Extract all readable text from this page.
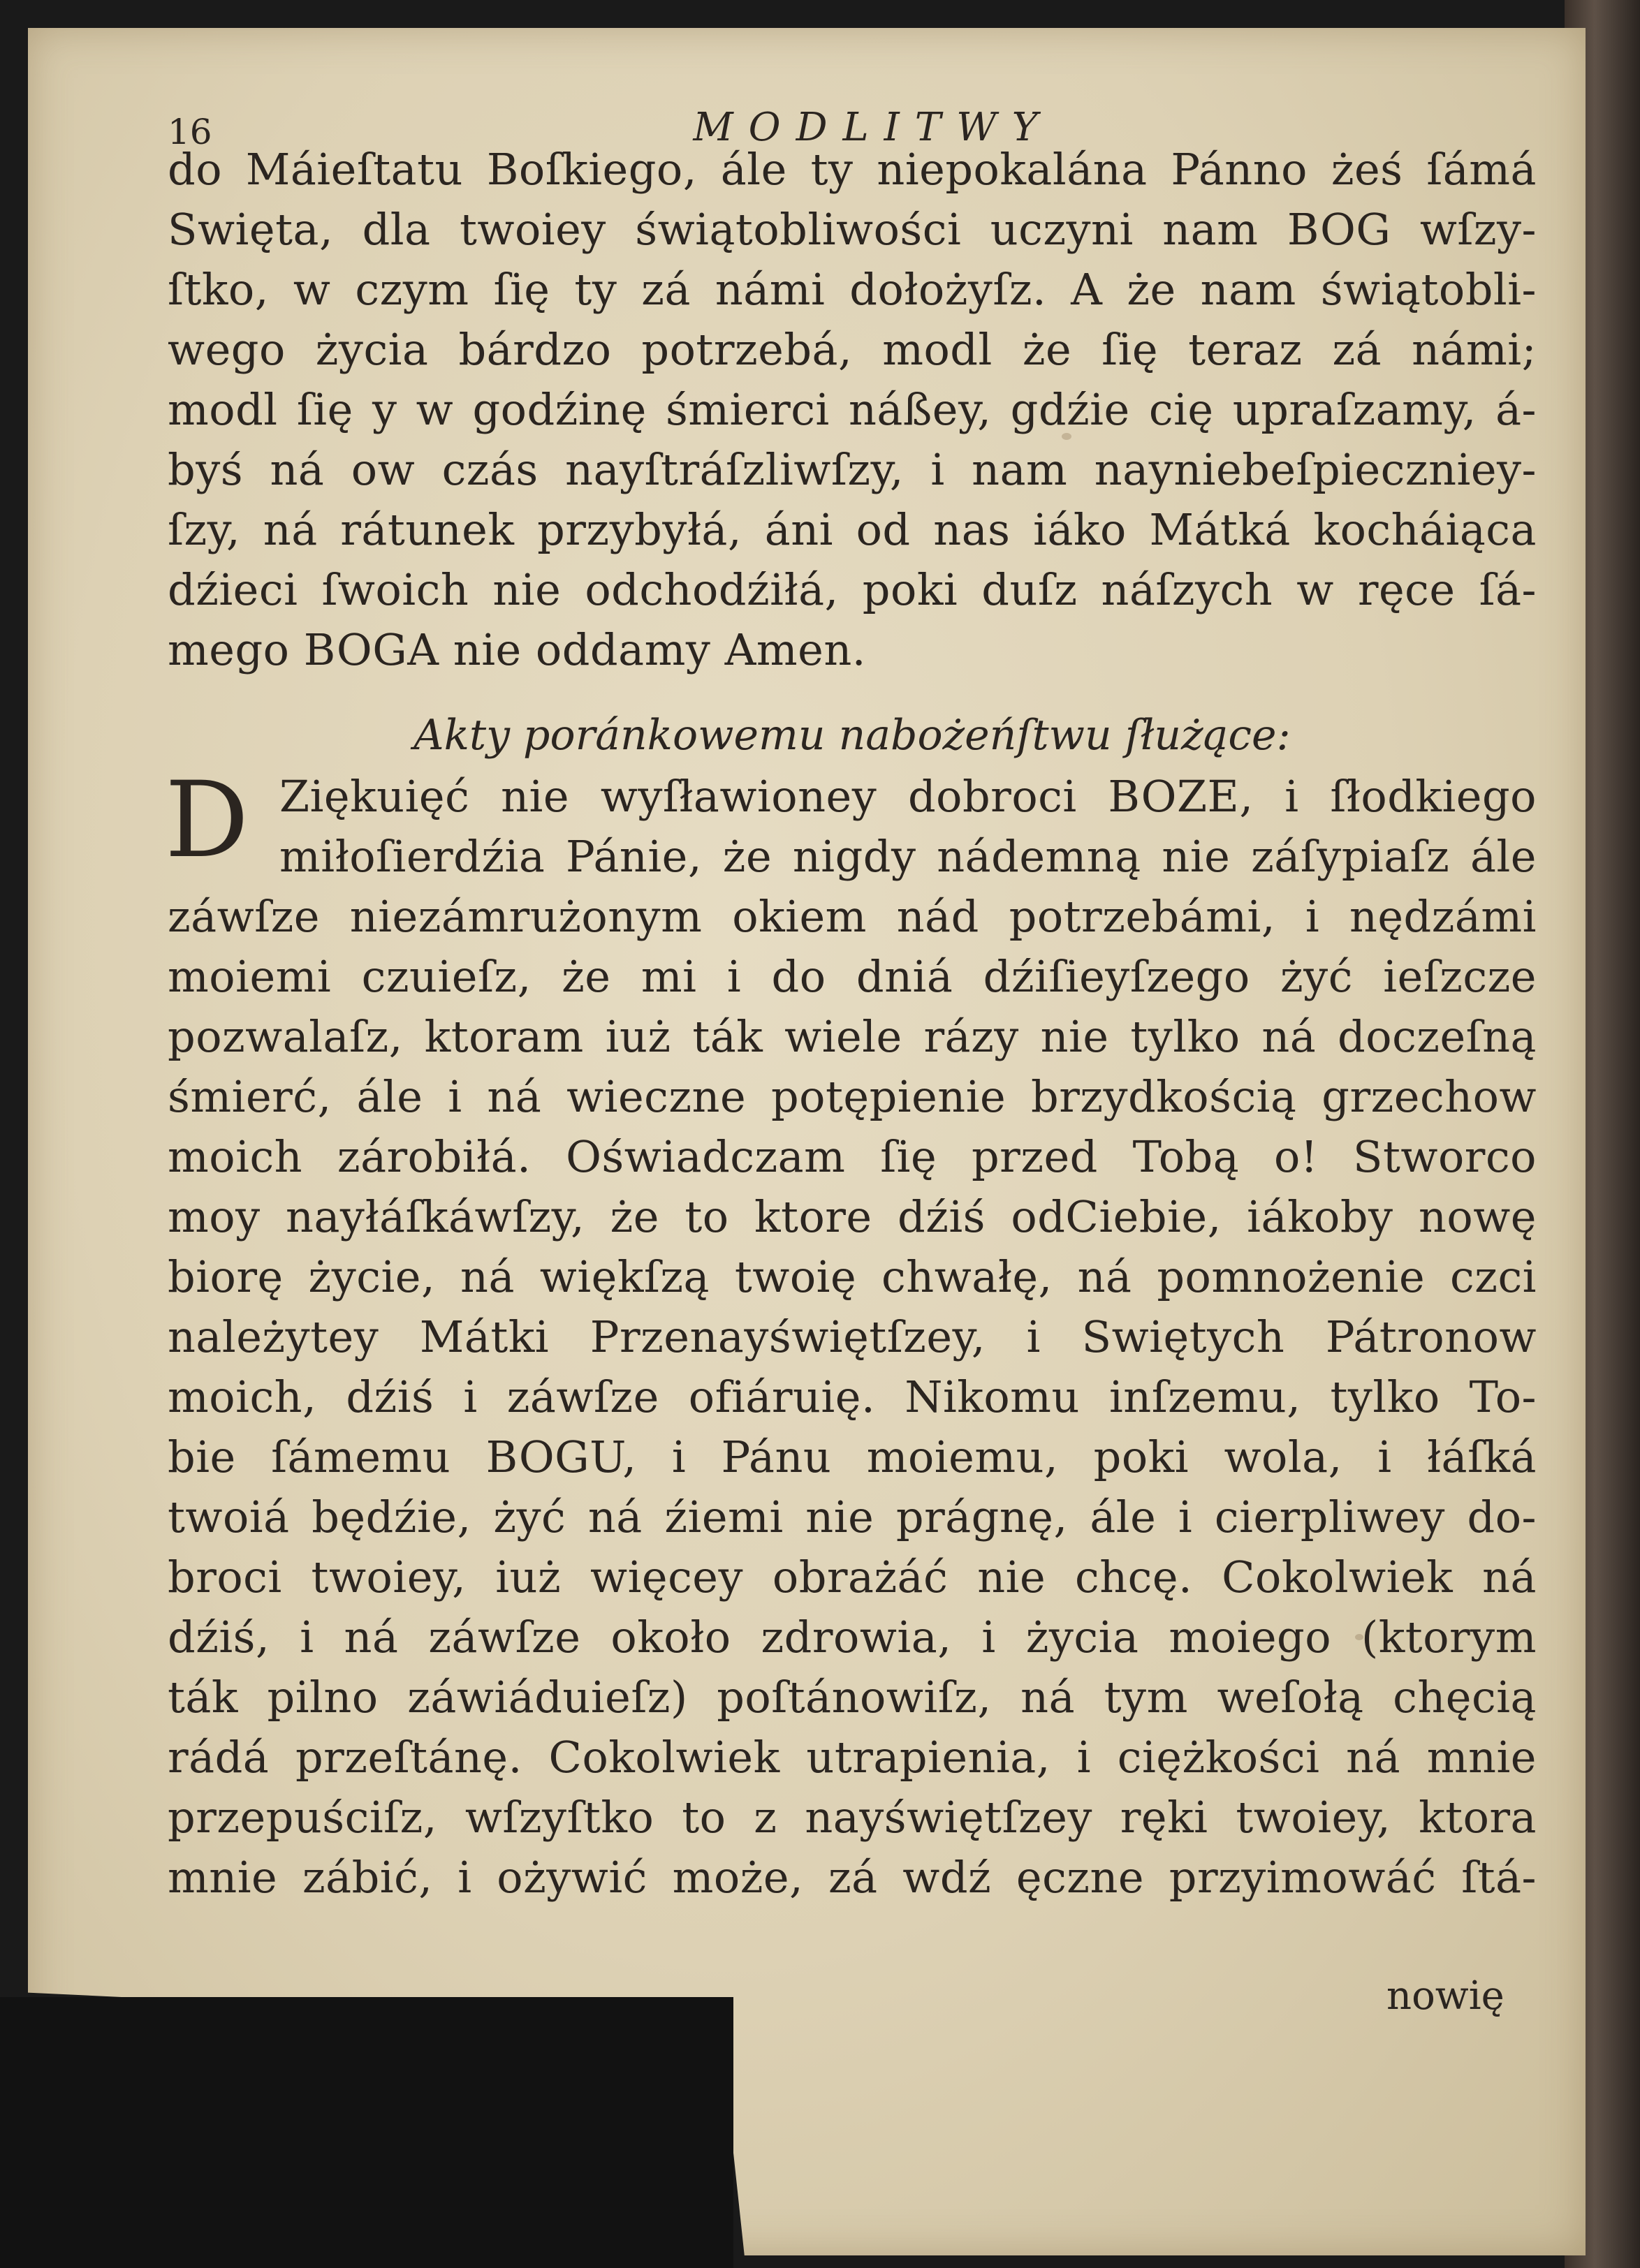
16	MODLITWY
do Máieſtatu Boſkiego, ále ty niepokalána Pánno żeś ſámá
Swięta, dla twoiey świątobliwości uczyni nam BOG wſzy-
ſtko, w czym ſię ty zá námi dołożyſz. A że nam świątobli-
wego życia bárdzo potrzebá, modl że ſię teraz zá námi;
modl ſię y w godźinę śmierci náßey, gdźie cię upraſzamy, á-
byś ná ow czás nayſtráſzliwſzy, i nam nayniebeſpieczniey-
ſzy, ná rátunek przybyłá, áni od nas iáko Mátká kocháiąca
dźieci ſwoich nie odchodźiłá, poki duſz náſzych w ręce ſá-
mego BOGA nie oddamy Amen.
Akty poránkowemu nabożeńſtwu ſłużące:
D Ziękuięć nie wyſławioney dobroci BOZE, i ſłodkiego
miłoſierdźia Pánie, że nigdy nádemną nie záſypiaſz ále
záwſze niezámrużonym okiem nád potrzebámi, i nędzámi
moiemi czuieſz, że mi i do dniá dźiſieyſzego żyć ieſzcze
pozwalaſz, ktoram iuż ták wiele rázy nie tylko ná doczeſną
śmierć, ále i ná wieczne potępienie brzydkością grzechow
moich zárobiłá. Oświadczam ſię przed Tobą o! Stworco
moy nayłáſkáwſzy, że to ktore dźiś odCiebie, iákoby nowę
biorę życie, ná więkſzą twoię chwałę, ná pomnożenie czci
należytey Mátki Przenayświętſzey, i Swiętych Pátronow
moich, dźiś i záwſze ofiáruię. Nikomu inſzemu, tylko To-
bie ſámemu BOGU, i Pánu moiemu, poki wola, i łáſká
twoiá będźie, żyć ná źiemi nie prágnę, ále i cierpliwey do-
broci twoiey, iuż więcey obrażáć nie chcę. Cokolwiek ná
dźiś, i ná záwſze około zdrowia, i życia moiego (ktorym
ták pilno záwiáduieſz) poſtánowiſz, ná tym weſołą chęcią
rádá przeſtánę. Cokolwiek utrapienia, i ciężkości ná mnie
przepuściſz, wſzyſtko to z nayświętſzey ręki twoiey, ktora
mnie zábić, i ożywić może, zá wdź ęczne przyimowáć ſtá-
nowię
